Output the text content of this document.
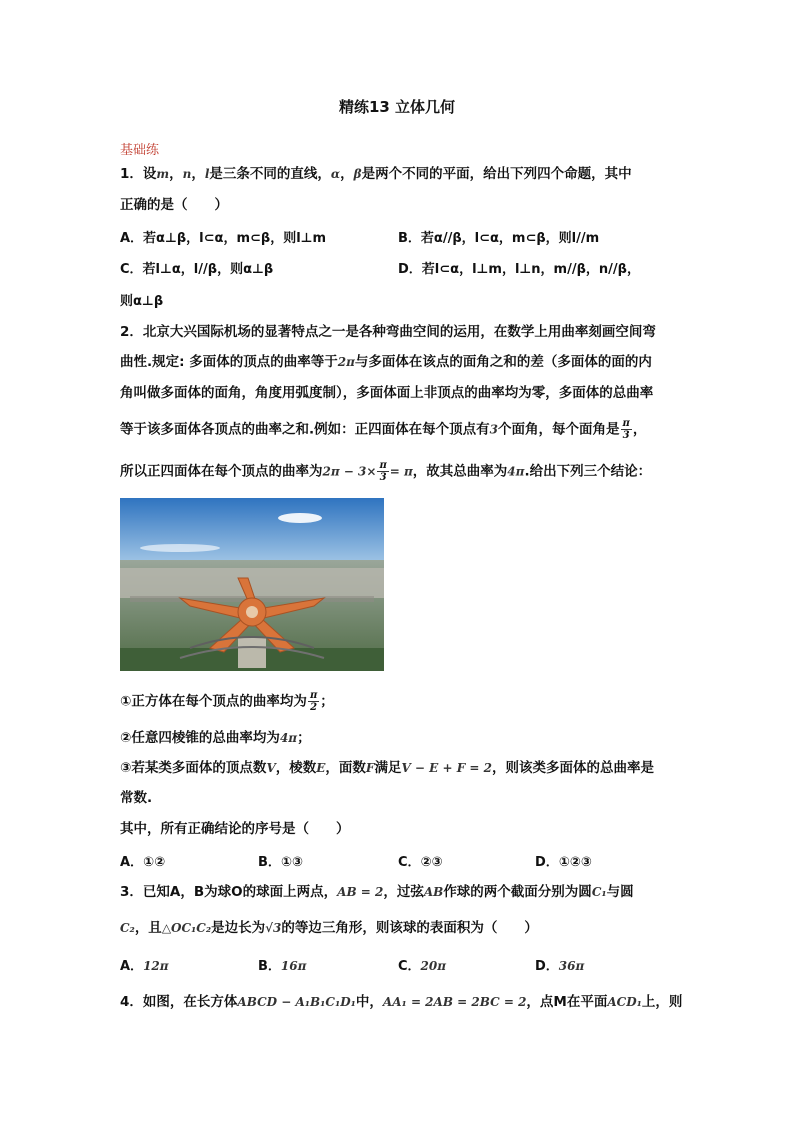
精练13 立体几何
基础练
1．设m，n，l是三条不同的直线，α，β是两个不同的平面，给出下列四个命题，其中
正确的是（　　）
A．若α⊥β，l⊂α，m⊂β，则l⊥m	B．若α//β，l⊂α，m⊂β，则l//m
C．若l⊥α，l//β，则α⊥β	D．若l⊂α，l⊥m，l⊥n，m//β，n//β，
则α⊥β
2．北京大兴国际机场的显著特点之一是各种弯曲空间的运用，在数学上用曲率刻画空间弯
曲性.规定: 多面体的顶点的曲率等于2π与多面体在该点的面角之和的差（多面体的面的内
角叫做多面体的面角，角度用弧度制），多面体面上非顶点的曲率均为零，多面体的总曲率
等于该多面体各顶点的曲率之和.例如：正四面体在每个顶点有3个面角，每个面角是 $\frac{\pi}{3}$ ，
所以正四面体在每个顶点的曲率为$2\pi - 3\times \frac{\pi}{3} = \pi$，故其总曲率为4π.给出下列三个结论：
①正方体在每个顶点的曲率均为 $\frac{\pi}{2}$ ；
②任意四棱锥的总曲率均为4π；
③若某类多面体的顶点数V，棱数E，面数F满足V − E + F = 2，则该类多面体的总曲率是
常数.
其中，所有正确结论的序号是（　　）
A．①②	B．①③	C．②③	D．①②③
3．已知A，B为球O的球面上两点，AB = 2，过弦AB作球的两个截面分别为圆C₁与圆
C₂，且△OC₁C₂是边长为√3的等边三角形，则该球的表面积为（　　）
A．12π	B．16π	C．20π	D．36π
4．如图，在长方体ABCD − A₁B₁C₁D₁中，AA₁ = 2AB = 2BC = 2，点M在平面ACD₁上，则
